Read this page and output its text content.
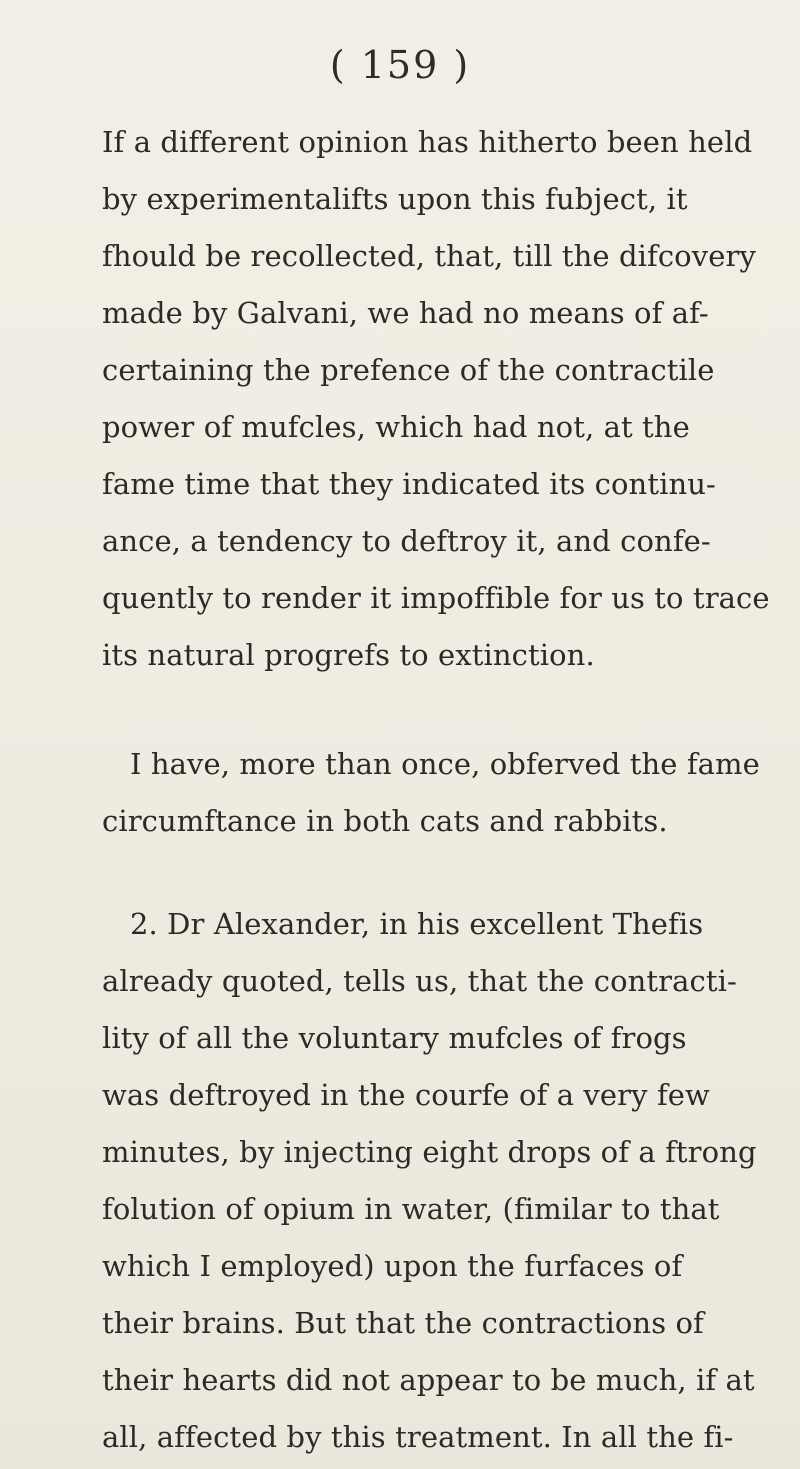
( 159 )
If a different opinion has hitherto been held
by experimentalifts upon this fubject, it
fhould be recollected, that, till the difcovery
made by Galvani, we had no means of af-
certaining the prefence of the contractile
power of mufcles, which had not, at the
fame time that they indicated its continu-
ance, a tendency to deftroy it, and confe-
quently to render it impoffible for us to trace
its natural progrefs to extinction.
I have, more than once, obferved the fame
circumftance in both cats and rabbits.
2. Dr Alexander, in his excellent Thefis
already quoted, tells us, that the contracti-
lity of all the voluntary mufcles of frogs
was deftroyed in the courfe of a very few
minutes, by injecting eight drops of a ftrong
folution of opium in water, (fimilar to that
which I employed) upon the furfaces of
their brains. But that the contractions of
their hearts did not appear to be much, if at
all, affected by this treatment. In all the fi-
